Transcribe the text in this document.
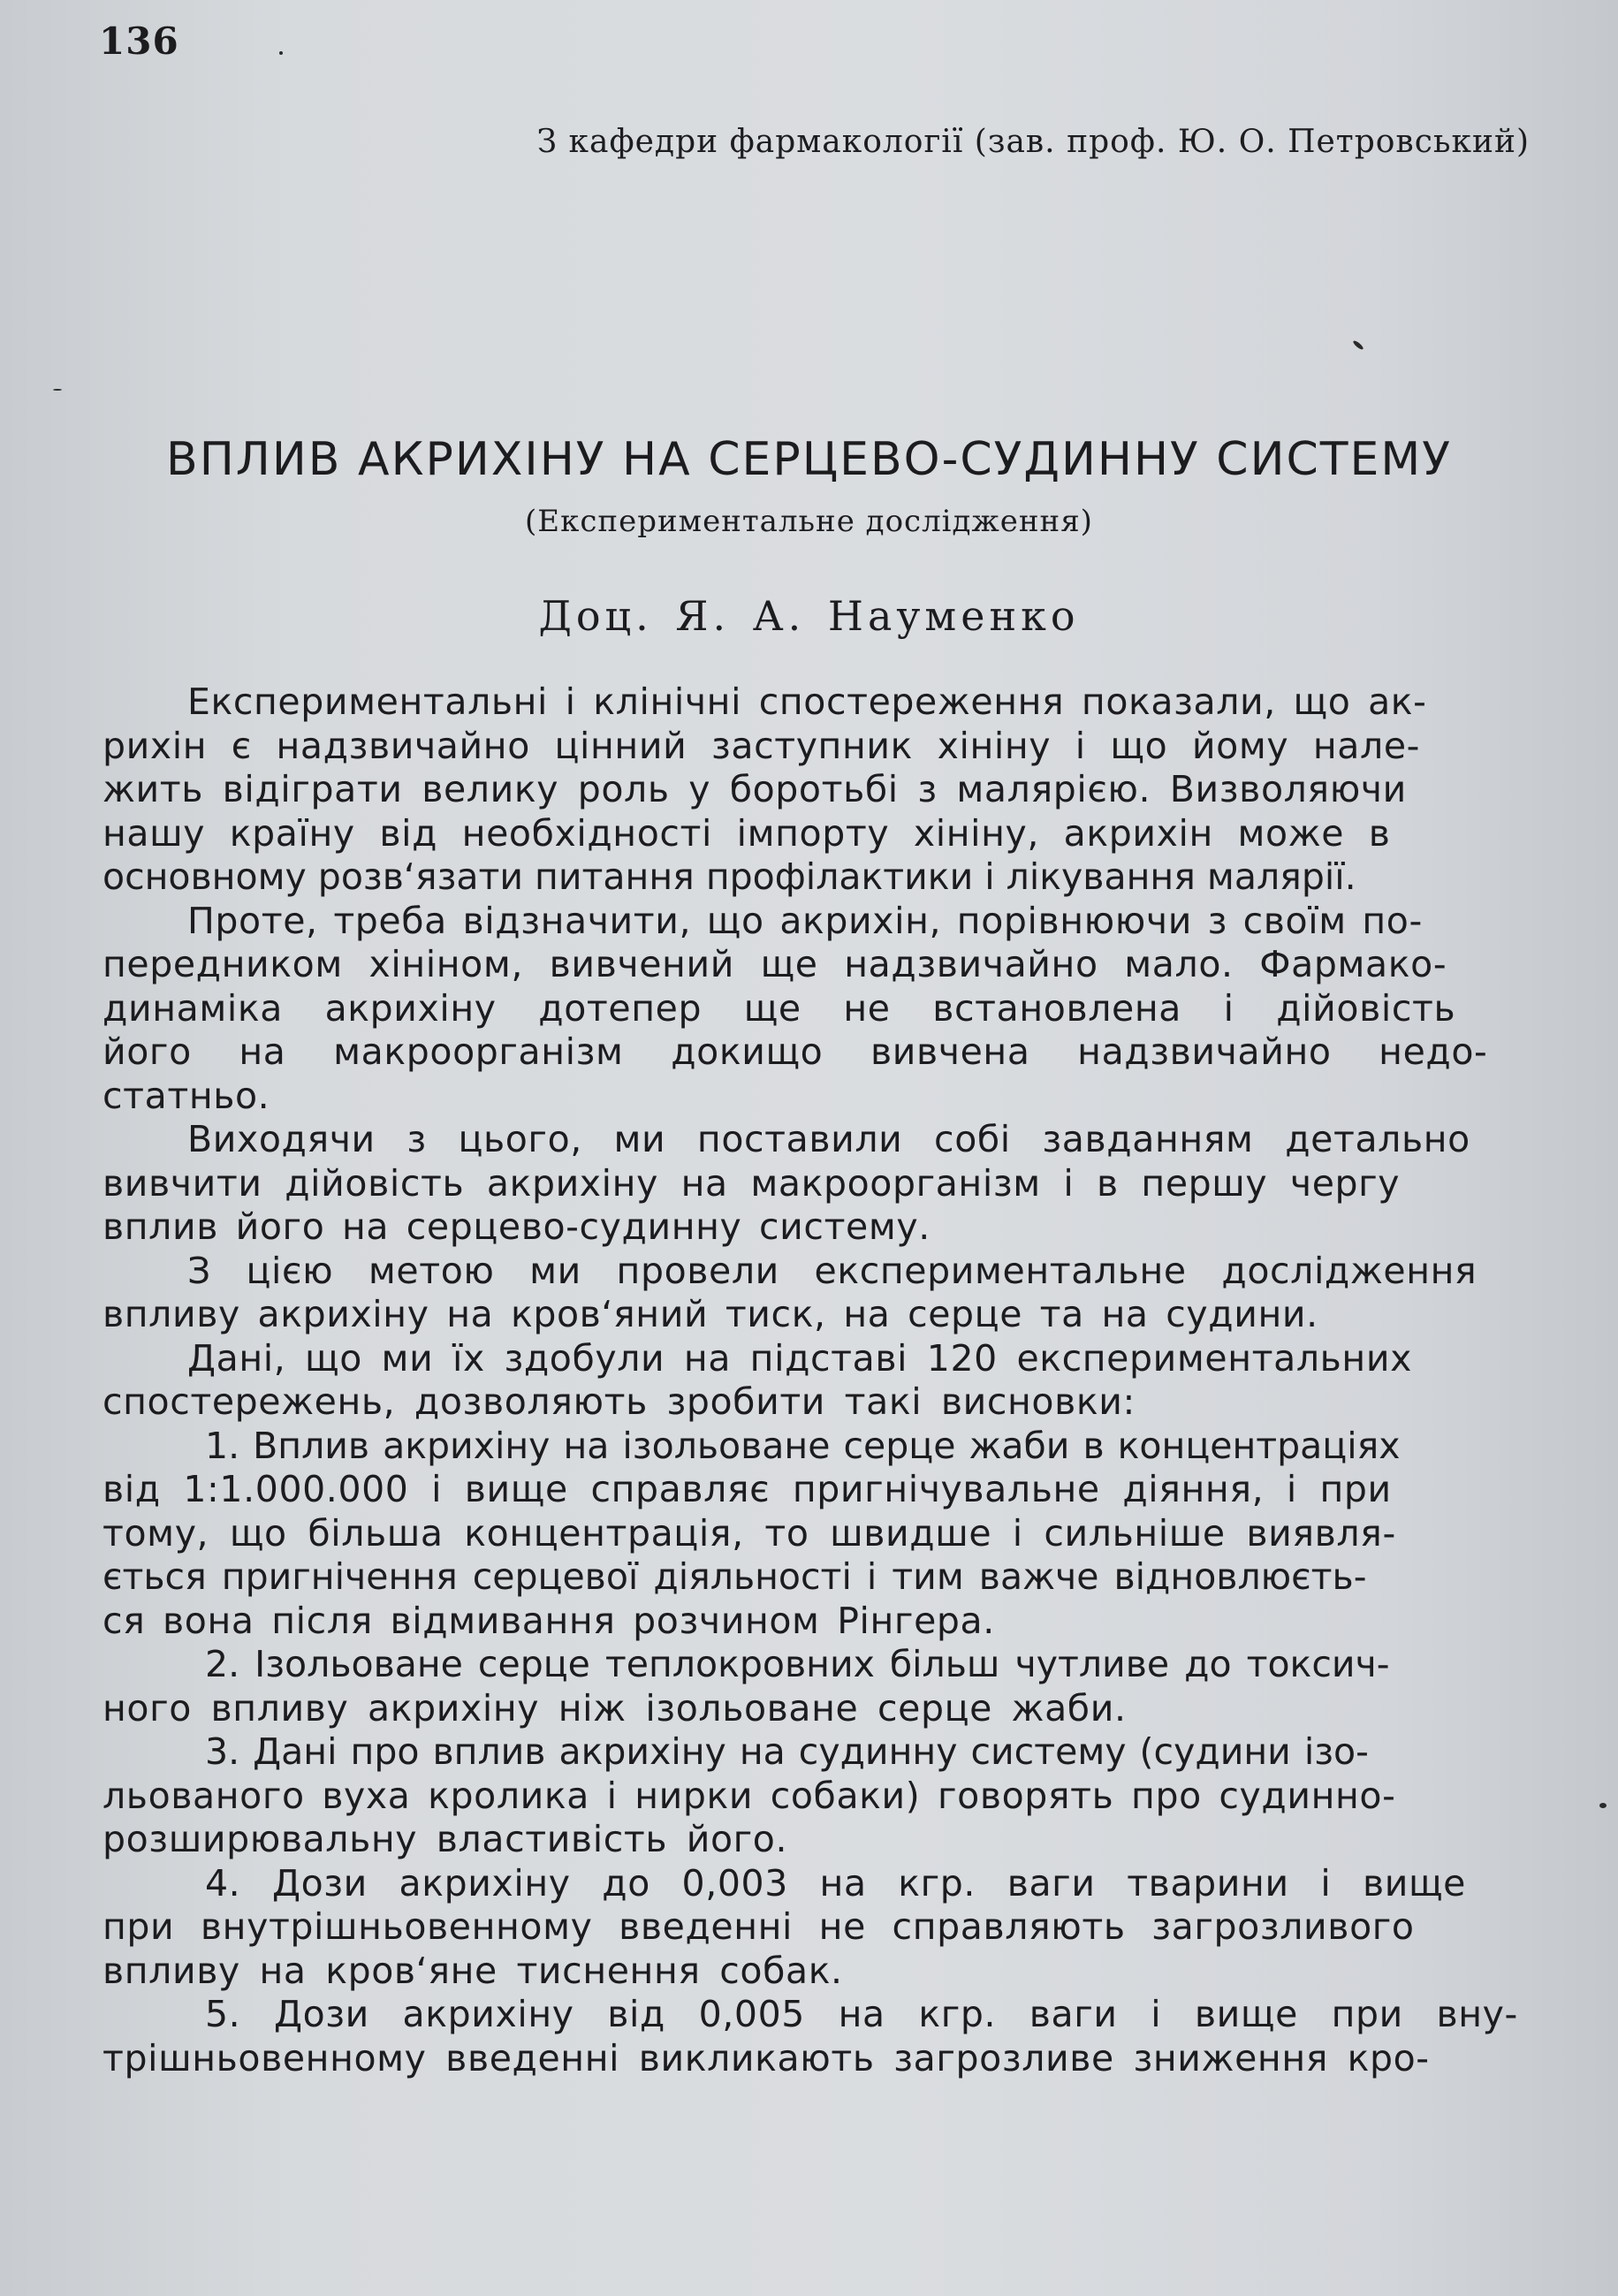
136
З кафедри фармакології (зав. проф. Ю. О. Петровський)
ВПЛИВ АКРИХІНУ НА СЕРЦЕВО-СУДИННУ СИСТЕМУ
(Експериментальне дослідження)
Доц. Я. А. Науменко
Експериментальні і клінічні спостереження показали, що ак-
рихін є надзвичайно цінний заступник хініну і що йому нале-
жить відіграти велику роль у боротьбі з малярією. Визволяючи
нашу країну від необхідності імпорту хініну, акрихін може в
основному розв‘язати питання профілактики і лікування малярії.
Проте, треба відзначити, що акрихін, порівнюючи з своїм по-
передником хініном, вивчений ще надзвичайно мало. Фармако-
динаміка акрихіну дотепер ще не встановлена і дійовість
його на макроорганізм докищо вивчена надзвичайно недо-
статньо.
Виходячи з цього, ми поставили собі завданням детально
вивчити дійовість акрихіну на макроорганізм і в першу чергу
вплив його на серцево-судинну систему.
З цією метою ми провели експериментальне дослідження
впливу акрихіну на кров‘яний тиск, на серце та на судини.
Дані, що ми їх здобули на підставі 120 експериментальних
спостережень, дозволяють зробити такі висновки:
1. Вплив акрихіну на ізольоване серце жаби в концентраціях
від 1:1.000.000 і вище справляє пригнічувальне діяння, і при
тому, що більша концентрація, то швидше і сильніше виявля-
ється пригнічення серцевої діяльності і тим важче відновлюєть-
ся вона після відмивання розчином Рінгера.
2. Ізольоване серце теплокровних більш чутливе до токсич-
ного впливу акрихіну ніж ізольоване серце жаби.
3. Дані про вплив акрихіну на судинну систему (судини ізо-
льованого вуха кролика і нирки собаки) говорять про судинно-
розширювальну властивість його.
4. Дози акрихіну до 0,003 на кгр. ваги тварини і вище
при внутрішньовенному введенні не справляють загрозливого
впливу на кров‘яне тиснення собак.
5. Дози акрихіну від 0,005 на кгр. ваги і вище при вну-
трішньовенному введенні викликають загрозливе зниження кро-
